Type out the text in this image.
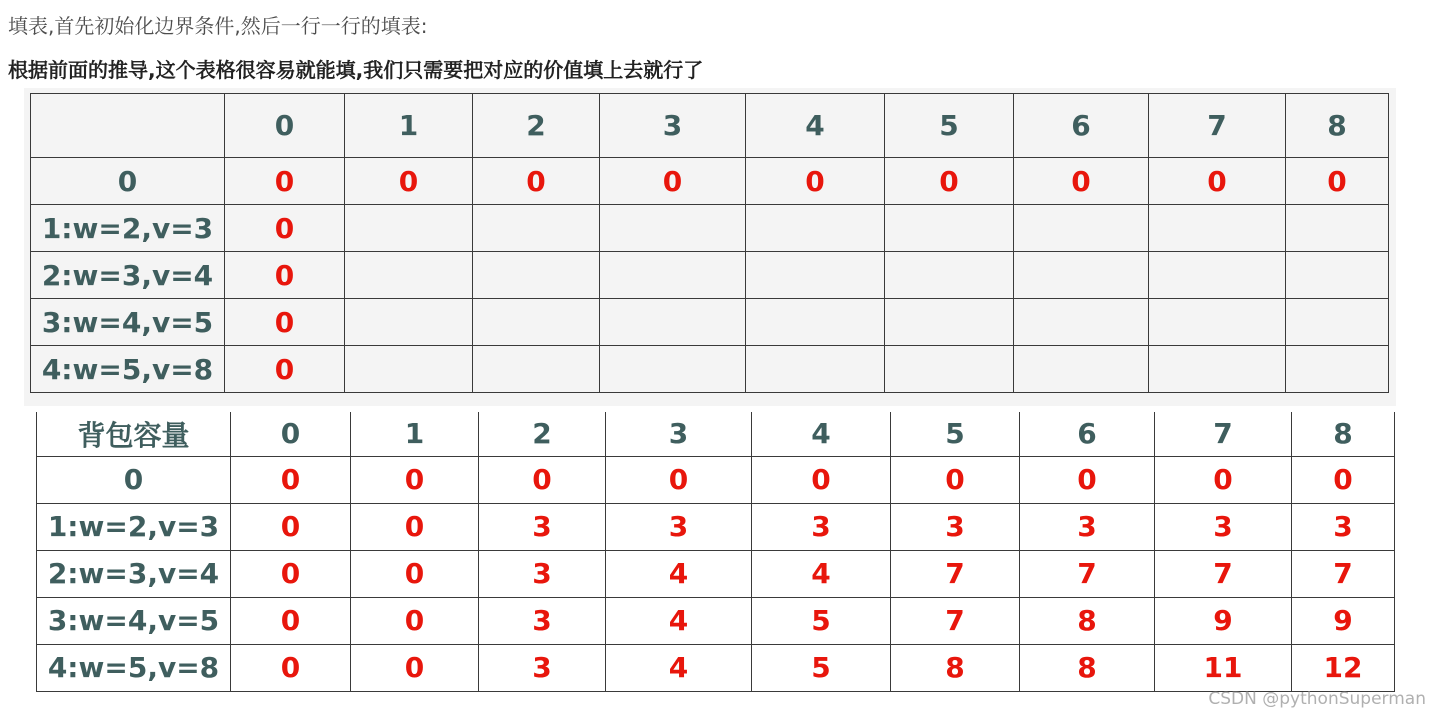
填表,首先初始化边界条件,然后一行一行的填表:
根据前面的推导,这个表格很容易就能填,我们只需要把对应的价值填上去就行了
	0	1	2	3	4	5	6	7	8
0	0	0	0	0	0	0	0	0	0
1:w=2,v=3	0								
2:w=3,v=4	0								
3:w=4,v=5	0								
4:w=5,v=8	0								
背包容量	0	1	2	3	4	5	6	7	8
0	0	0	0	0	0	0	0	0	0
1:w=2,v=3	0	0	3	3	3	3	3	3	3
2:w=3,v=4	0	0	3	4	4	7	7	7	7
3:w=4,v=5	0	0	3	4	5	7	8	9	9
4:w=5,v=8	0	0	3	4	5	8	8	11	12
CSDN @pythonSuperman
